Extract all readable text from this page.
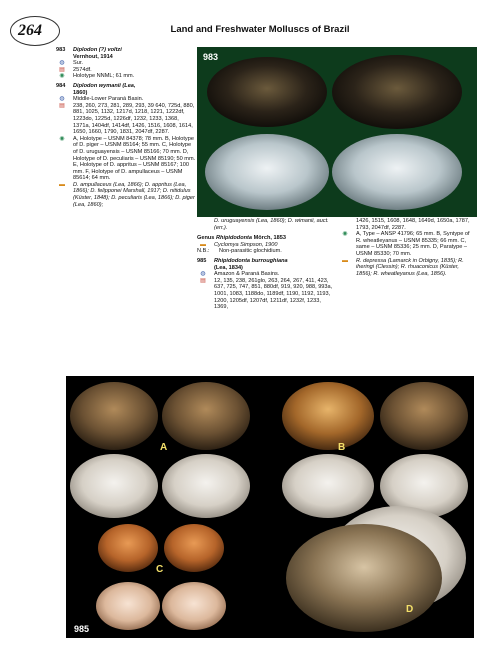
264	Land and Freshwater Molluscs of Brazil
983	Diplodon (?) voltzi
Vernhout, 1914
◍	Sur.
▤	2574df.
◉	Holotype NNML; 61 mm.
984	Diplodon wymanii (Lea,
1860)
◍	Middle-Lower Paraná Basin.
▤	238, 260, 273, 281, 289, 293, 39 640, 725d, 880, 881, 1025, 1132, 1217d, 1218, 1221, 1222df, 1223do, 1225d, 1226df, 1232, 1233, 1368, 1371a, 1404df, 1414df, 1426, 1516, 1608, 1614, 1650, 1660, 1790, 1831, 2047df, 2287.
◉	A, Holotype – USNM 84378; 78 mm. B, Holotype of D. piger – USNM 85164; 55 mm. C, Holotype of D. uruguayensis – USNM 85166; 70 mm. D, Holotype of D. peculiaris – USNM 85190; 50 mm. E, Holotype of D. appritus – USNM 85167; 100 mm. F, Holotype of D. ampullaceus – USNM 85614; 64 mm.
▬	D. ampullaceus (Lea, 1866); D. appritus (Lea, 1866); D. felipponei Marshall, 1917; D. nitidulus (Küster, 1848); D. peculiaris (Lea, 1866); D. piger (Lea, 1860);
983
D. uruguayensis (Lea, 1860); D. wimanii, auct. (err.).
Genus Rhipidodonta Mörch, 1853
▬	Cyclomya Simpson, 1900
N.B.:	Non-parasitic glochidium.
985	Rhipidodonta burroughiana
(Lea, 1834)
◍	Amazon & Paraná Basins.
▤	12, 135, 238, 261glo, 263, 264, 267, 411, 423, 637, 725, 747, 851, 880df, 919, 920, 988, 993a, 1001, 1083, 1188do, 1189df, 1190, 1192, 1193, 1200, 1205df, 1207df, 1211df, 1232f, 1233, 1369,
1426, 1515, 1608, 1648, 1649d, 1650a, 1787, 1793, 2047df, 2287.
◉	A, Type – ANSP 41796; 65 mm. B, Syntype of R. wheatleyanus – USNM 85335; 66 mm. C, same – USNM 85336; 25 mm. D, Paratype – USNM 85330; 70 mm.
▬	R. depressa (Lamarck in Orbigny, 1835); R. iheringi (Clessin); R. rhuaconicus (Küster, 1856); R. wheatleyanus (Lea, 1856).
A	B
C
D
985
